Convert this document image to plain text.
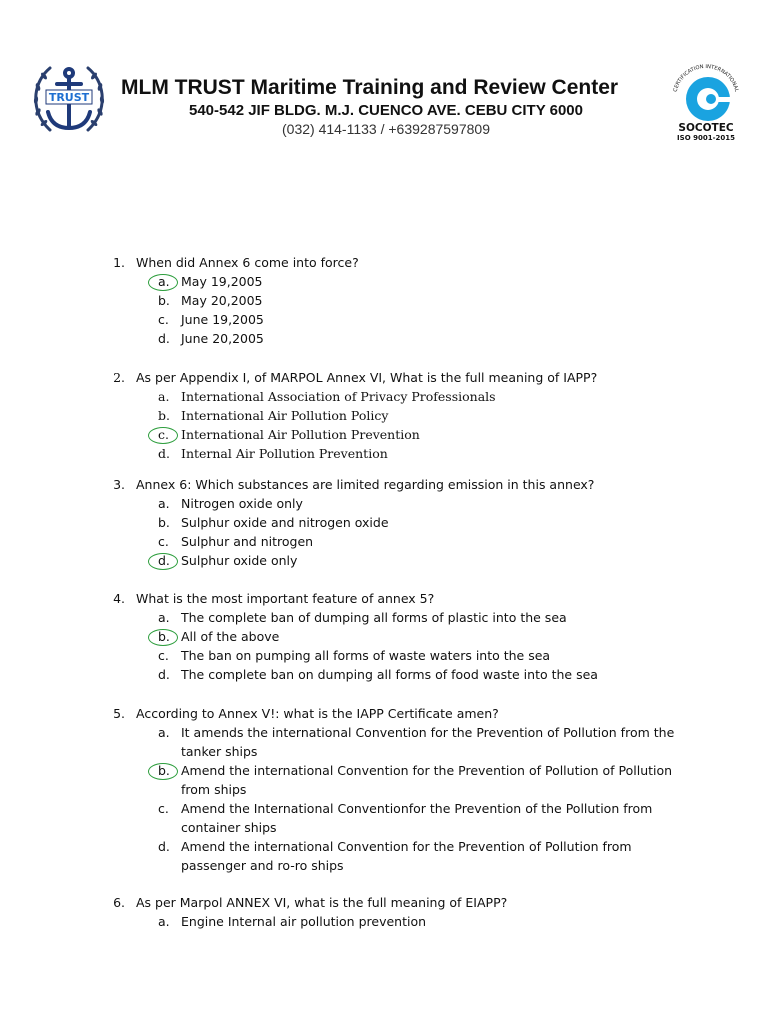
TRUST MLM TRUST Maritime Training and Review Center
540-542 JIF BLDG. M.J. CUENCO AVE. CEBU CITY 6000
(032) 414-1133 / +639287597809
CERTIFICATION INTERNATIONAL
SOCOTEC
ISO 9001-2015
1. When did Annex 6 come into force?
a. May 19,2005
b. May 20,2005
c. June 19,2005
d. June 20,2005
2. As per Appendix I, of MARPOL Annex VI, What is the full meaning of IAPP?
a. International Association of Privacy Professionals
b. International Air Pollution Policy
c. International Air Pollution Prevention
d. Internal Air Pollution Prevention
3. Annex 6: Which substances are limited regarding emission in this annex?
a. Nitrogen oxide only
b. Sulphur oxide and nitrogen oxide
c. Sulphur and nitrogen
d. Sulphur oxide only
4. What is the most important feature of annex 5?
a. The complete ban of dumping all forms of plastic into the sea
b. All of the above
c. The ban on pumping all forms of waste waters into the sea
d. The complete ban on dumping all forms of food waste into the sea
5. According to Annex V!: what is the IAPP Certificate amen?
a. It amends the international Convention for the Prevention of Pollution from the
tanker ships
b. Amend the international Convention for the Prevention of Pollution of Pollution
from ships
c. Amend the International Conventionfor the Prevention of the Pollution from
container ships
d. Amend the international Convention for the Prevention of Pollution from
passenger and ro-ro ships
6. As per Marpol ANNEX VI, what is the full meaning of EIAPP?
a. Engine Internal air pollution prevention
